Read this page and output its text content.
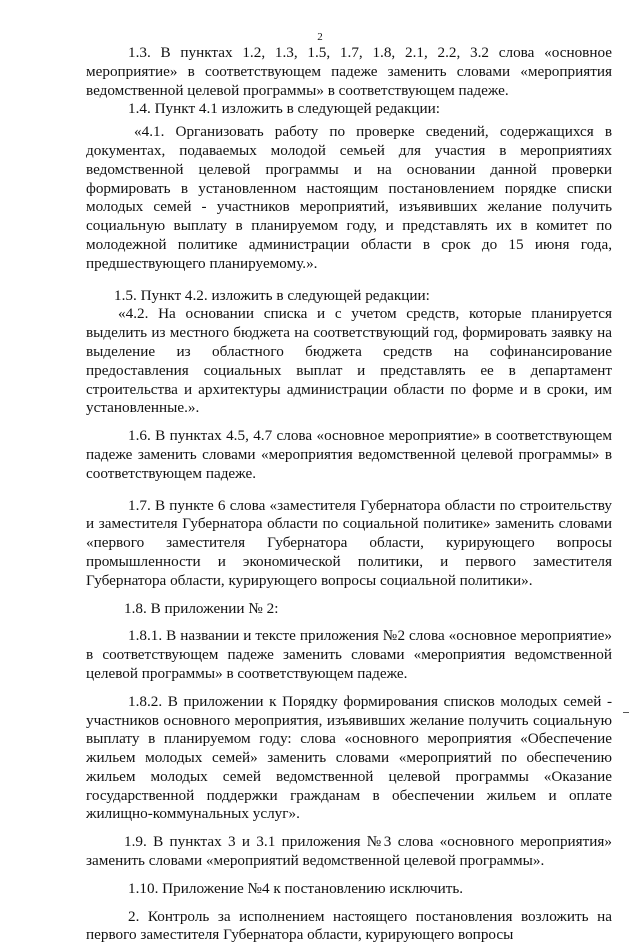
2

1.3. В пунктах 1.2, 1.3, 1.5, 1.7, 1.8, 2.1, 2.2, 3.2 слова «основное мероприятие» в соответствующем падеже заменить словами «мероприятия ведомственной целевой программы» в соответствующем падеже.

1.4. Пункт 4.1 изложить в следующей редакции:

«4.1. Организовать работу по проверке сведений, содержащихся в документах, подаваемых молодой семьей для участия в мероприятиях ведомственной целевой программы и на основании данной проверки формировать в установленном настоящим постановлением порядке списки молодых семей - участников мероприятий, изъявивших желание получить социальную выплату в планируемом году, и представлять их в комитет по молодежной политике администрации области в срок до 15 июня года, предшествующего планируемому.».

1.5. Пункт 4.2. изложить в следующей редакции:

«4.2. На основании списка и с учетом средств, которые планируется выделить из местного бюджета на соответствующий год, формировать заявку на выделение из областного бюджета средств на софинансирование предоставления социальных выплат и представлять ее в департамент строительства и архитектуры администрации области по форме и в сроки, им установленные.».

1.6. В пунктах 4.5, 4.7 слова «основное мероприятие» в соответствующем падеже заменить словами «мероприятия ведомственной целевой программы» в соответствующем падеже.

1.7. В пункте 6 слова «заместителя Губернатора области по строительству и заместителя Губернатора области по социальной политике» заменить словами «первого заместителя Губернатора области, курирующего вопросы промышленности и экономической политики, и первого заместителя Губернатора области, курирующего вопросы социальной политики».

1.8. В приложении № 2:

1.8.1. В названии и тексте приложения №2 слова «основное мероприятие» в соответствующем падеже заменить словами «мероприятия ведомственной целевой программы» в соответствующем падеже.

1.8.2. В приложении к Порядку формирования списков молодых семей - участников основного мероприятия, изъявивших желание получить социальную выплату в планируемом году: слова «основного мероприятия «Обеспечение жильем молодых семей» заменить словами «мероприятий по обеспечению жильем молодых семей ведомственной целевой программы «Оказание государственной поддержки гражданам в обеспечении жильем и оплате жилищно-коммунальных услуг».

1.9. В пунктах 3 и 3.1 приложения №3 слова «основного мероприятия» заменить словами «мероприятий ведомственной целевой программы».

1.10. Приложение №4 к постановлению исключить.

2. Контроль за исполнением настоящего постановления возложить на первого заместителя Губернатора области, курирующего вопросы
